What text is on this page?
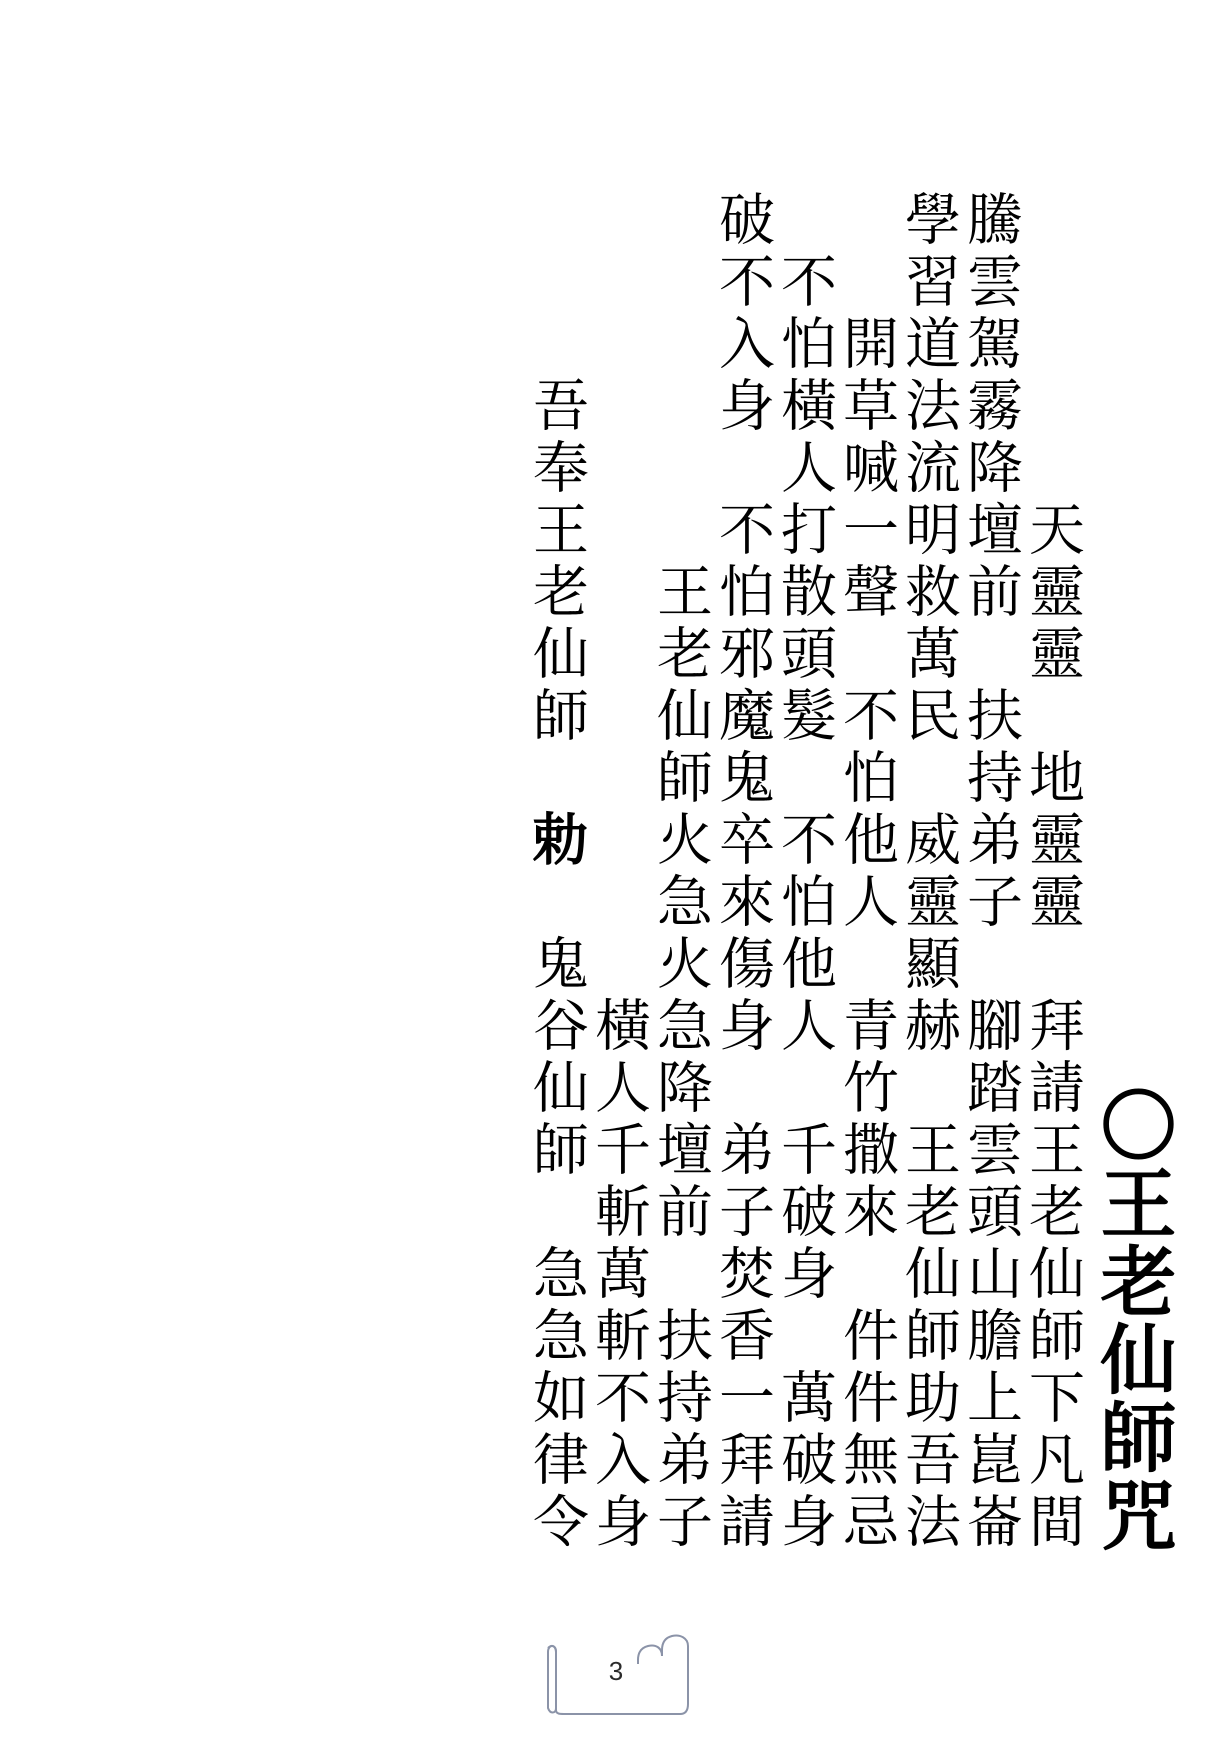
〇王老仙師咒
天靈靈　地靈靈　拜請王老仙師下凡間
騰雲駕霧降壇前　扶持弟子　腳踏雲頭山膽上崑崙
學習道法流明救萬民　威靈顯赫　王老仙師助吾法
開草喊一聲　不怕他人　青竹撒來　件件無忌
不怕橫人打散頭髮　不怕他人　千破身　萬破身
破不入身　不怕邪魔鬼卒來傷身　弟子焚香一拜請
王老仙師火急火急降壇前　扶持弟子
橫人千斬萬斬不入身
吾奉王老仙師　勅　鬼谷仙師　急急如律令
3
